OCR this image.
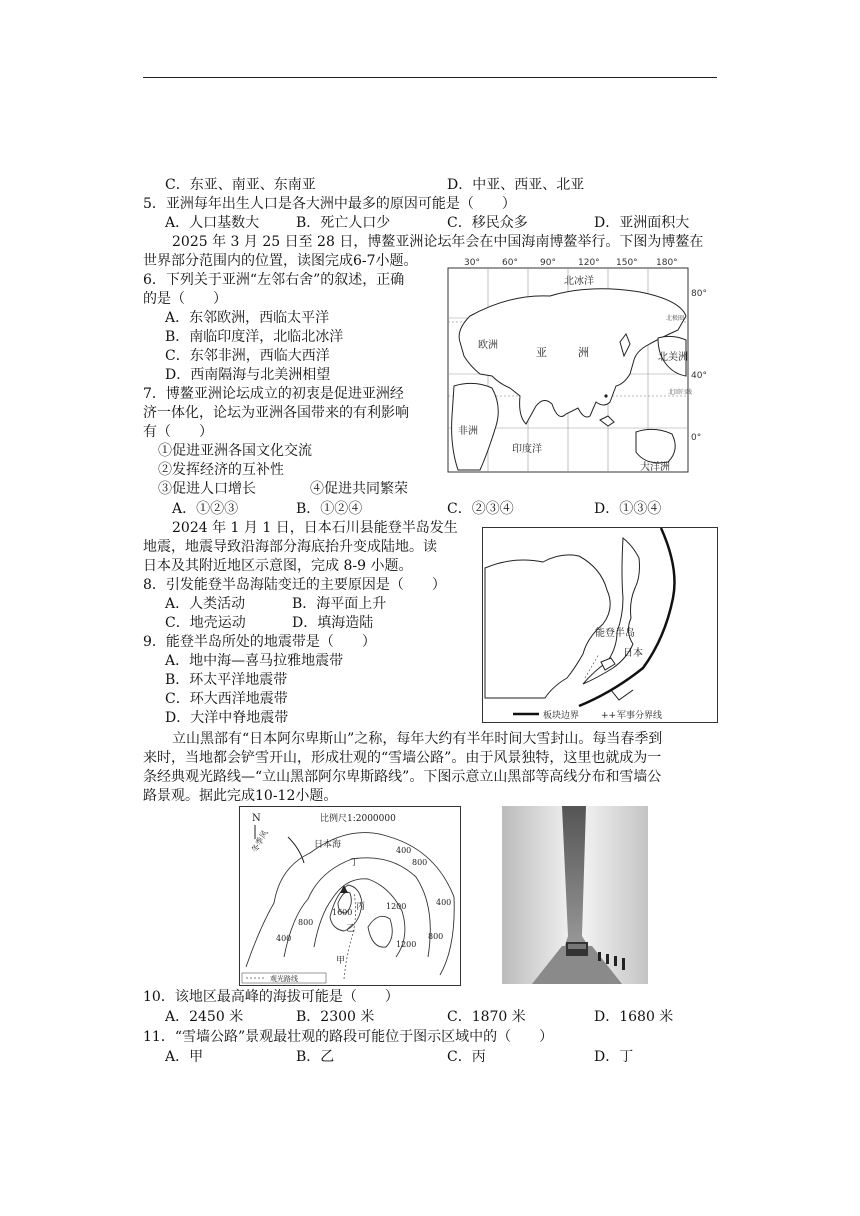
C．东亚、南亚、东南亚	D．中亚、西亚、北亚
5．亚洲每年出生人口是各大洲中最多的原因可能是（　　）
A．人口基数大	B．死亡人口少	C．移民众多	D．亚洲面积大
2025 年 3 月 25 日至 28 日，博鳌亚洲论坛年会在中国海南博鳌举行。下图为博鳌在
世界部分范围内的位置，读图完成6-7小题。
6．下列关于亚洲“左邻右舍”的叙述，正确
的是（　　）
A．东邻欧洲，西临太平洋
B．南临印度洋，北临北冰洋
C．东邻非洲，西临大西洋
D．西南隔海与北美洲相望
7．博鳌亚洲论坛成立的初衷是促进亚洲经
济一体化，论坛为亚洲各国带来的有利影响
有（　　）
①促进亚洲各国文化交流
②发挥经济的互补性
③促进人口增长	④促进共同繁荣
A．①②③	B．①②④	C．②③④	D．①③④
2024 年 1 月 1 日，日本石川县能登半岛发生
地震，地震导致沿海部分海底抬升变成陆地。读
日本及其附近地区示意图，完成 8-9 小题。
8．引发能登半岛海陆变迁的主要原因是（　　）
A．人类活动	B．海平面上升
C．地壳运动	D．填海造陆
9．能登半岛所处的地震带是（　　）
A．地中海—喜马拉雅地震带
B．环太平洋地震带
C．环大西洋地震带
D．大洋中脊地震带
立山黑部有“日本阿尔卑斯山”之称，每年大约有半年时间大雪封山。每当春季到
来时，当地都会铲雪开山，形成壮观的“雪墙公路”。由于风景独特，这里也就成为一
条经典观光路线—“立山黑部阿尔卑斯路线”。下图示意立山黑部等高线分布和雪墙公
路景观。据此完成10-12小题。
10．该地区最高峰的海拔可能是（　　）
A．2450 米	B．2300 米	C．1870 米	D．1680 米
11．“雪墙公路”景观最壮观的路段可能位于图示区域中的（　　）
A．甲	B．乙	C．丙	D．丁
30° 60° 90° 120° 150° 180°
80°
40°
0°
北冰洋
欧洲
亚	洲	北美洲
非洲
印度洋
大洋洲
北极圈
北回归线
能登半岛
日本
板块边界 ++ 军事分界线
N	比例尺1:2000000
冬季风	日本海
400
800
1200
1600
800
400
1200
800
400
甲
乙
丙
丁
观光路线
